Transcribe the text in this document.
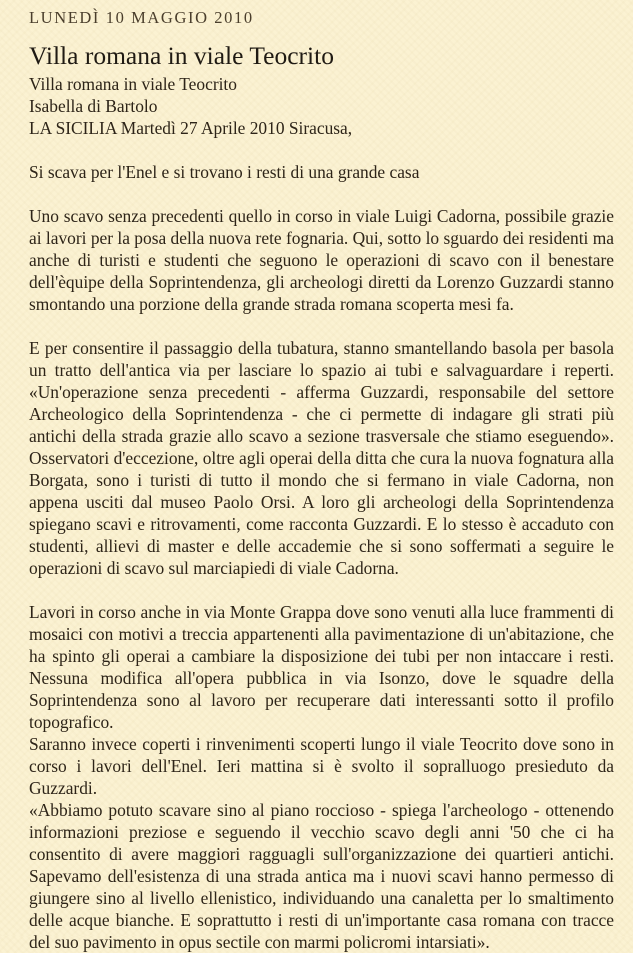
LUNEDÌ 10 MAGGIO 2010
Villa romana in viale Teocrito
Villa romana in viale Teocrito
Isabella di Bartolo
LA SICILIA Martedì 27 Aprile 2010 Siracusa,

Si scava per l'Enel e si trovano i resti di una grande casa

Uno scavo senza precedenti quello in corso in viale Luigi Cadorna, possibile grazie ai lavori per la posa della nuova rete fognaria. Qui, sotto lo sguardo dei residenti ma anche di turisti e studenti che seguono le operazioni di scavo con il benestare dell'èquipe della Soprintendenza, gli archeologi diretti da Lorenzo Guzzardi stanno smontando una porzione della grande strada romana scoperta mesi fa.

E per consentire il passaggio della tubatura, stanno smantellando basola per basola un tratto dell'antica via per lasciare lo spazio ai tubi e salvaguardare i reperti. «Un'operazione senza precedenti - afferma Guzzardi, responsabile del settore Archeologico della Soprintendenza - che ci permette di indagare gli strati più antichi della strada grazie allo scavo a sezione trasversale che stiamo eseguendo». Osservatori d'eccezione, oltre agli operai della ditta che cura la nuova fognatura alla Borgata, sono i turisti di tutto il mondo che si fermano in viale Cadorna, non appena usciti dal museo Paolo Orsi. A loro gli archeologi della Soprintendenza spiegano scavi e ritrovamenti, come racconta Guzzardi. E lo stesso è accaduto con studenti, allievi di master e delle accademie che si sono soffermati a seguire le operazioni di scavo sul marciapiedi di viale Cadorna.

Lavori in corso anche in via Monte Grappa dove sono venuti alla luce frammenti di mosaici con motivi a treccia appartenenti alla pavimentazione di un'abitazione, che ha spinto gli operai a cambiare la disposizione dei tubi per non intaccare i resti. Nessuna modifica all'opera pubblica in via Isonzo, dove le squadre della Soprintendenza sono al lavoro per recuperare dati interessanti sotto il profilo topografico.

Saranno invece coperti i rinvenimenti scoperti lungo il viale Teocrito dove sono in corso i lavori dell'Enel. Ieri mattina si è svolto il sopralluogo presieduto da Guzzardi.

«Abbiamo potuto scavare sino al piano roccioso - spiega l'archeologo - ottenendo informazioni preziose e seguendo il vecchio scavo degli anni '50 che ci ha consentito di avere maggiori ragguagli sull'organizzazione dei quartieri antichi. Sapevamo dell'esistenza di una strada antica ma i nuovi scavi hanno permesso di giungere sino al livello ellenistico, individuando una canaletta per lo smaltimento delle acque bianche. E soprattutto i resti di un'importante casa romana con tracce del suo pavimento in opus sectile con marmi policromi intarsiati».
